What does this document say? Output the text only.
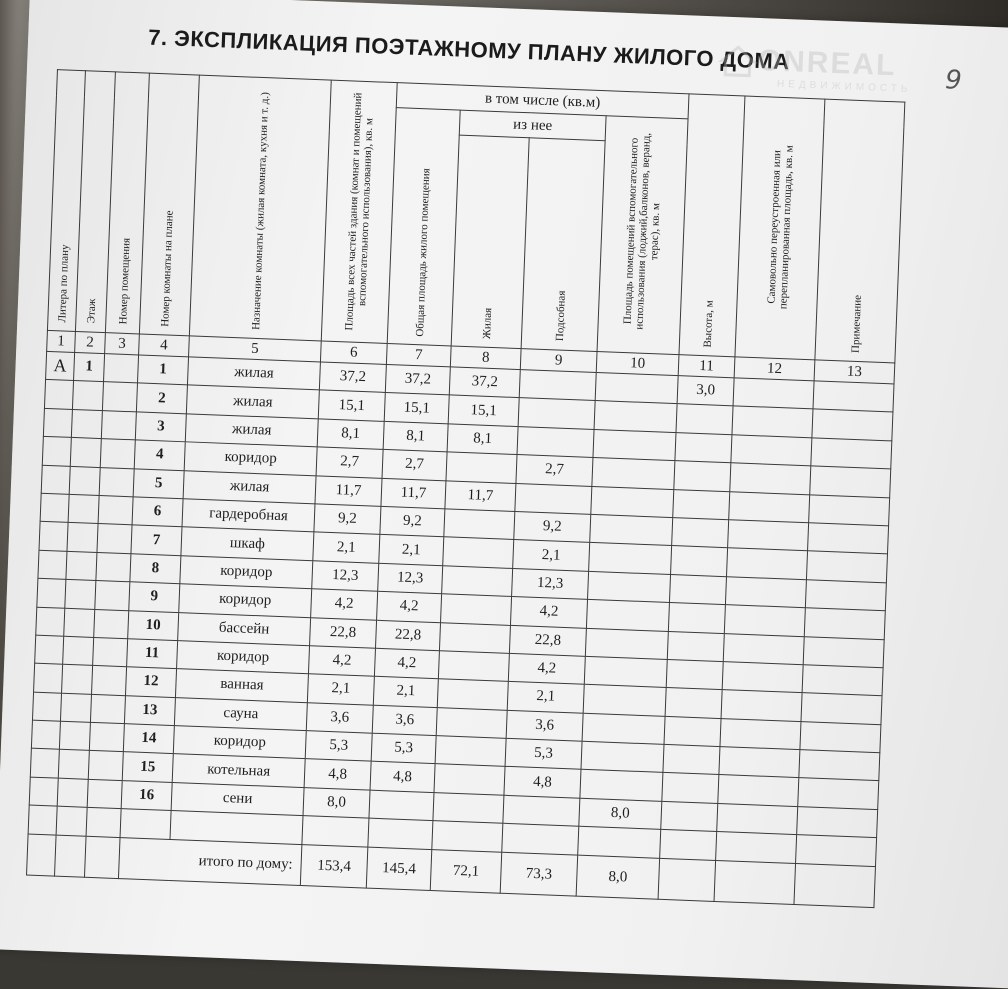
7. ЭКСПЛИКАЦИЯ ПОЭТАЖНОМУ ПЛАНУ ЖИЛОГО ДОМА
9
ONREAL
НЕДВИЖИМОСТЬ
Литера по плану	Этаж	Номер помещения	Номер комнаты на плане	Назначение комнаты (жилая комната, кухня и т. д.)	Площадь всех частей здания (комнат и помещений вспомогательного использования), кв. м	в том числе (кв.м)				Высота, м	Самовольно переустроенная или перепланированная площадь, кв. м	Примечание

						Общая площадь жилого помещения	из нее		Площадь помещений вспомогательного использования (лоджий,балконов, веранд, терас), кв. м			

							Жилая	Подсобная				

1	2	3	4	5	6	7	8	9	10	11	12	13
А	1		1	жилая	37,2	37,2	37,2			3,0		
			2	жилая	15,1	15,1	15,1					
			3	жилая	8,1	8,1	8,1					
			4	коридор	2,7	2,7		2,7				
			5	жилая	11,7	11,7	11,7					
			6	гардеробная	9,2	9,2		9,2				
			7	шкаф	2,1	2,1		2,1				
			8	коридор	12,3	12,3		12,3				
			9	коридор	4,2	4,2		4,2				
			10	бассейн	22,8	22,8		22,8				
			11	коридор	4,2	4,2		4,2				
			12	ванная	2,1	2,1		2,1				
			13	сауна	3,6	3,6		3,6				
			14	коридор	5,3	5,3		5,3				
			15	котельная	4,8	4,8		4,8				
			16	сени	8,0				8,0			

			итого по дому:		153,4	145,4	72,1	73,3	8,0			
